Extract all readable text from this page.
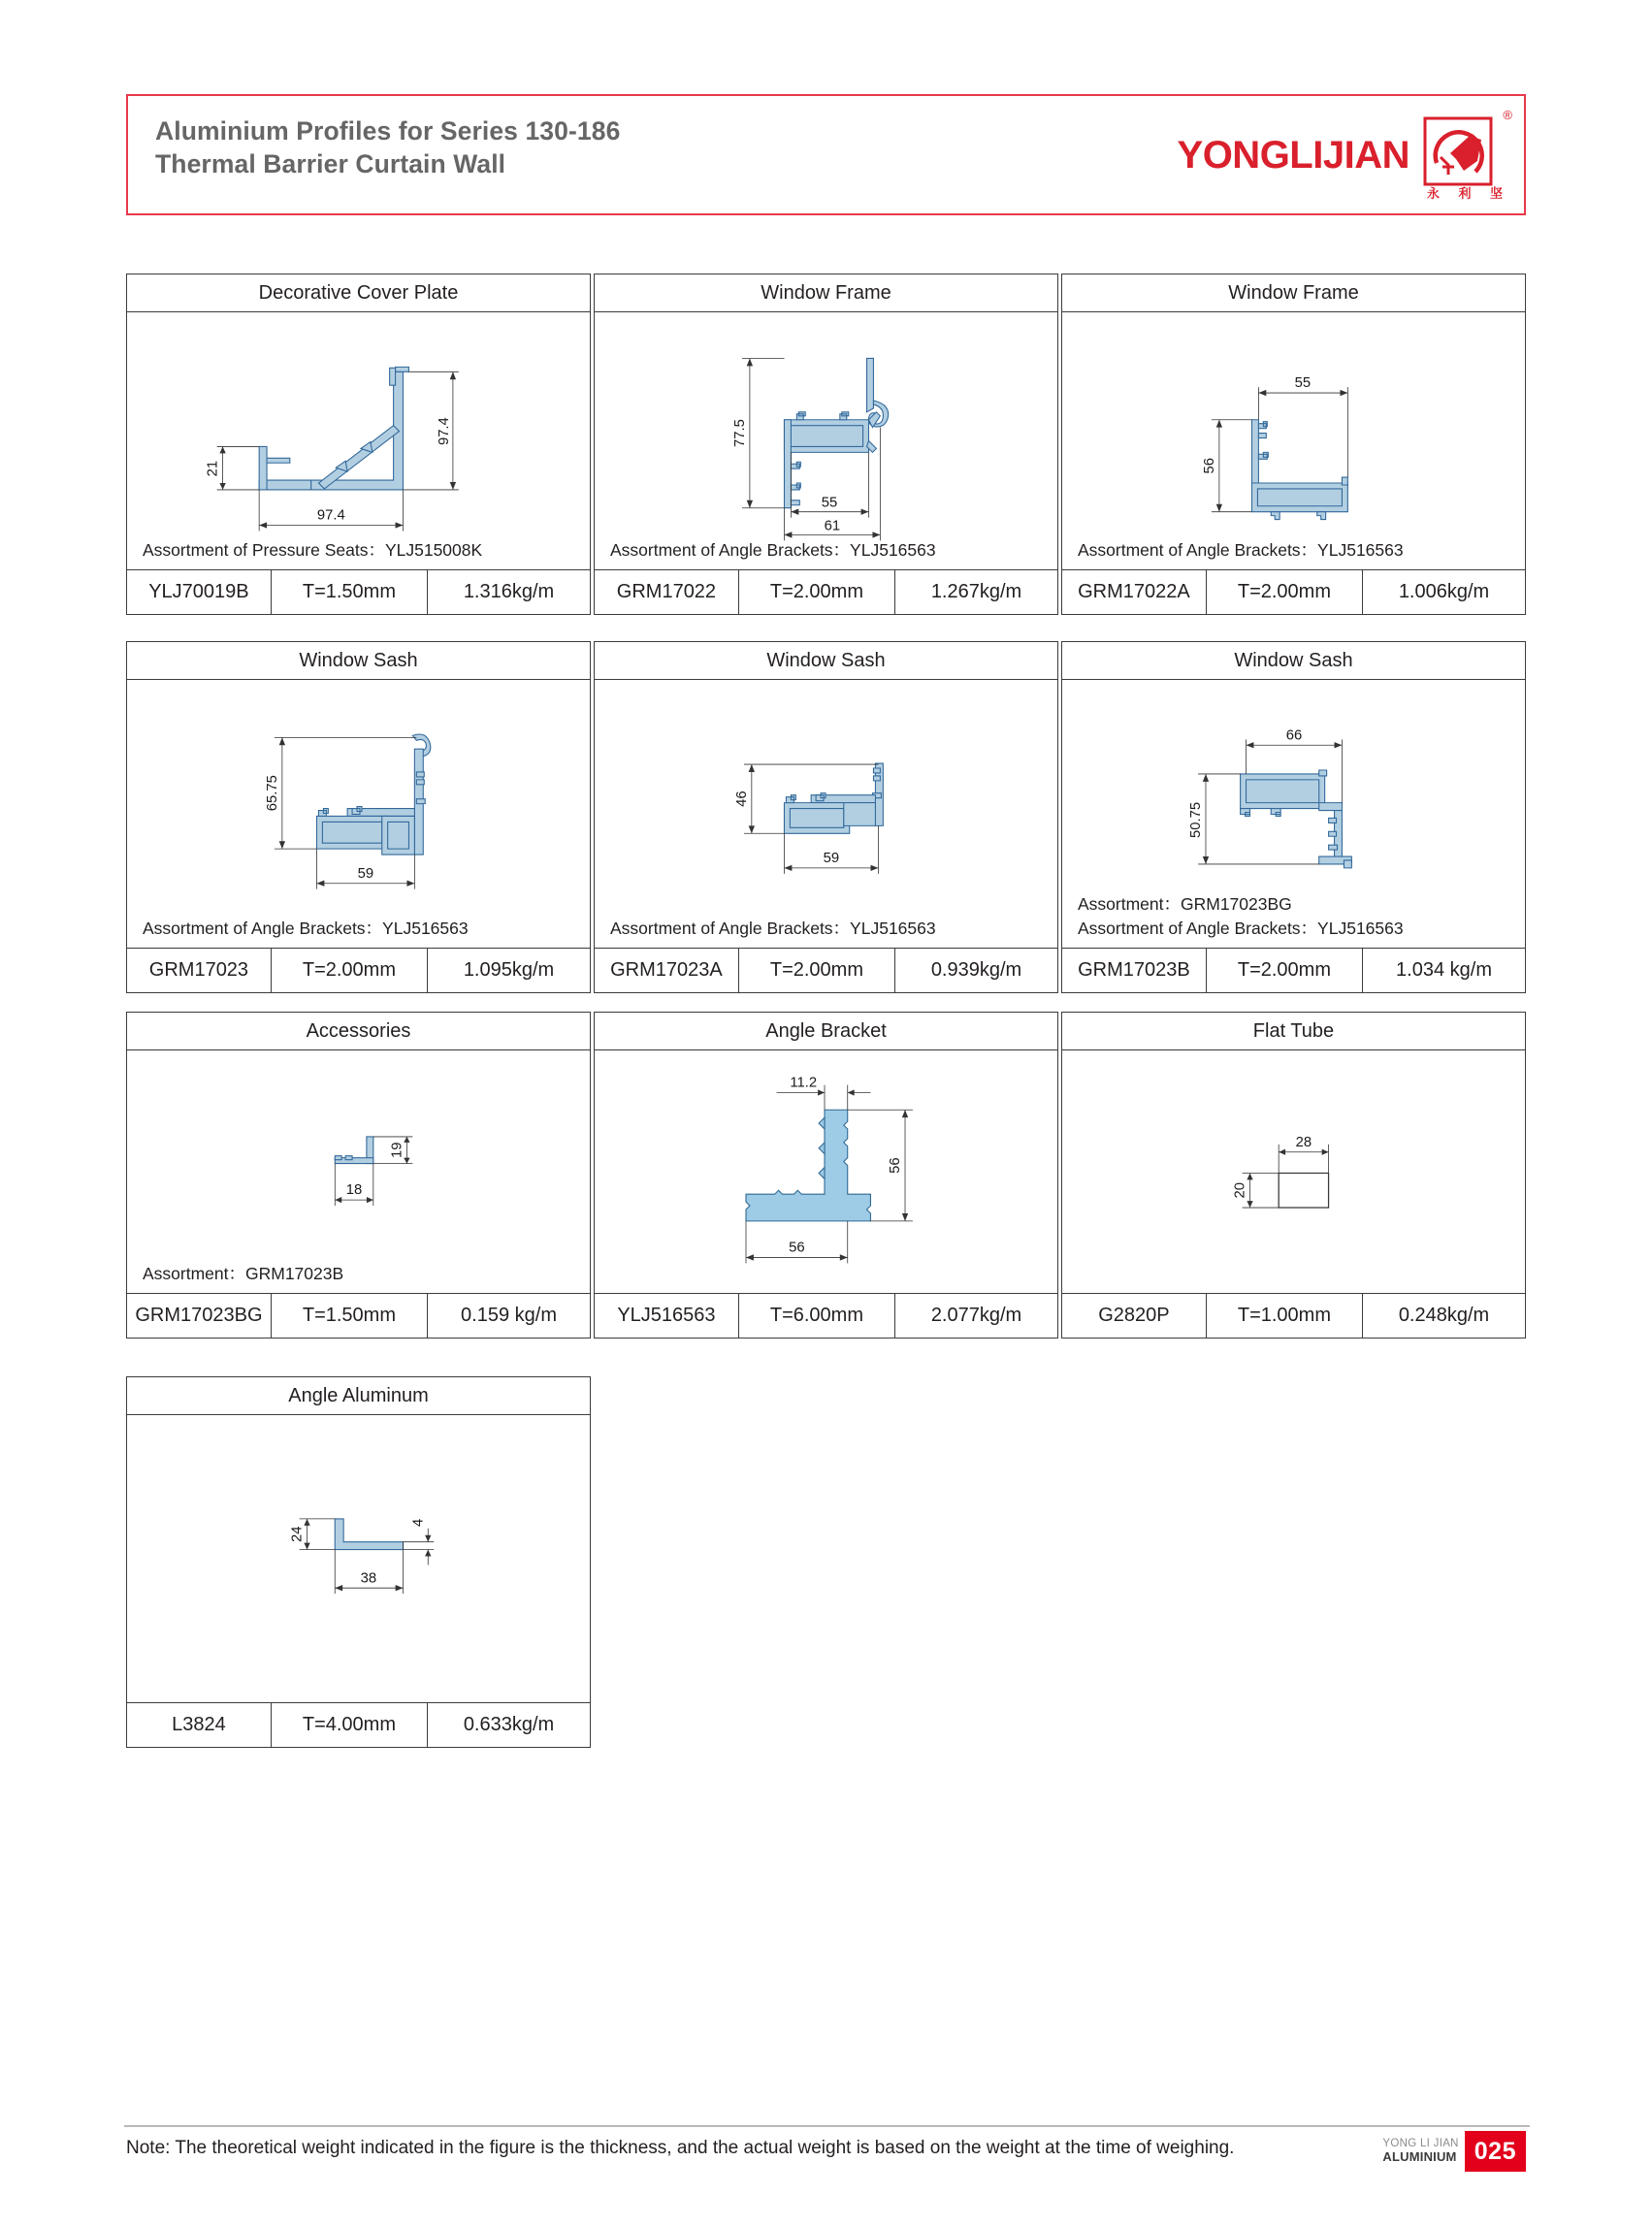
Aluminium Profiles for Series 130-186
Thermal Barrier Curtain Wall	YONGLIJIAN
®
永 利 坚
Decorative Cover Plate
97.4
21
97.4
Assortment of Pressure Seats：YLJ515008K
YLJ70019B	T=1.50mm	1.316kg/m
Window Frame
77.5
55
61
Assortment of Angle Brackets：YLJ516563
GRM17022	T=2.00mm	1.267kg/m
Window Frame
55
56
Assortment of Angle Brackets：YLJ516563
GRM17022A	T=2.00mm	1.006kg/m
Window Sash
65.75
59
Assortment of Angle Brackets：YLJ516563
GRM17023	T=2.00mm	1.095kg/m
Window Sash
46
59
Assortment of Angle Brackets：YLJ516563
GRM17023A	T=2.00mm	0.939kg/m
Window Sash
66
50.75
Assortment：GRM17023BG
Assortment of Angle Brackets：YLJ516563
GRM17023B	T=2.00mm	1.034 kg/m
Accessories
19
18
Assortment：GRM17023B
GRM17023BG	T=1.50mm	0.159 kg/m
Angle Bracket
11.2
56
56
YLJ516563	T=6.00mm	2.077kg/m
Flat Tube
28
20
G2820P	T=1.00mm	0.248kg/m
Angle Aluminum
24
38
4
L3824	T=4.00mm	0.633kg/m
Note: The theoretical weight indicated in the figure is the thickness, and the actual weight is based on the weight at the time of weighing.	YONG LI JIAN
ALUMINIUM 025
